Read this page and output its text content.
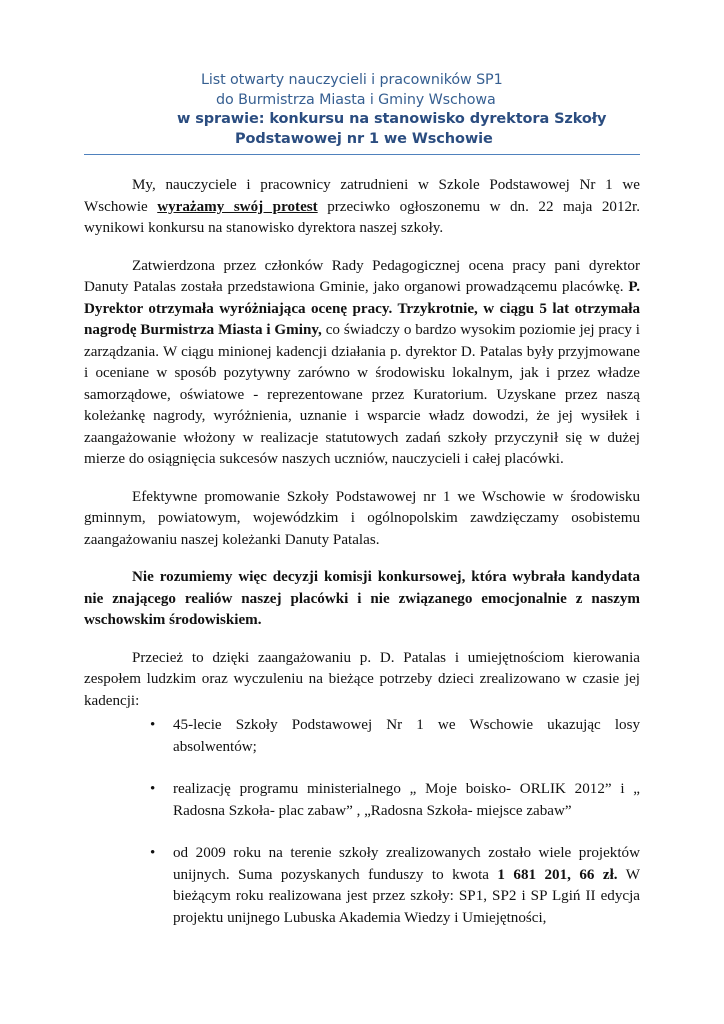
List otwarty nauczycieli i pracowników SP1
do Burmistrza Miasta i Gminy Wschowa
w sprawie: konkursu na stanowisko dyrektora Szkoły
Podstawowej nr 1 we Wschowie

My, nauczyciele i pracownicy zatrudnieni w Szkole Podstawowej Nr 1 we Wschowie wyrażamy swój protest przeciwko ogłoszonemu w dn. 22 maja 2012r. wynikowi konkursu na stanowisko dyrektora naszej szkoły.

Zatwierdzona przez członków Rady Pedagogicznej ocena pracy pani dyrektor Danuty Patalas została przedstawiona Gminie, jako organowi prowadzącemu placówkę. P. Dyrektor otrzymała wyróżniająca ocenę pracy. Trzykrotnie, w ciągu 5 lat otrzymała nagrodę Burmistrza Miasta i Gminy, co świadczy o bardzo wysokim poziomie jej pracy i zarządzania. W ciągu minionej kadencji działania p. dyrektor D. Patalas były przyjmowane i oceniane w sposób pozytywny zarówno w środowisku lokalnym, jak i przez władze samorządowe, oświatowe - reprezentowane przez Kuratorium. Uzyskane przez naszą koleżankę nagrody, wyróżnienia, uznanie i wsparcie władz dowodzi, że jej wysiłek i zaangażowanie włożony w realizacje statutowych zadań szkoły przyczynił się w dużej mierze do osiągnięcia sukcesów naszych uczniów, nauczycieli i całej placówki.

Efektywne promowanie Szkoły Podstawowej nr 1 we Wschowie w środowisku gminnym, powiatowym, wojewódzkim i ogólnopolskim zawdzięczamy osobistemu zaangażowaniu naszej koleżanki Danuty Patalas.

Nie rozumiemy więc decyzji komisji konkursowej, która wybrała kandydata nie znającego realiów naszej placówki i nie związanego emocjonalnie z naszym wschowskim środowiskiem.

Przecież to dzięki zaangażowaniu p. D. Patalas i umiejętnościom kierowania zespołem ludzkim oraz wyczuleniu na bieżące potrzeby dzieci zrealizowano w czasie jej kadencji:

• 45-lecie Szkoły Podstawowej Nr 1 we Wschowie ukazując losy absolwentów;
• realizację programu ministerialnego „ Moje boisko- ORLIK 2012” i „ Radosna Szkoła- plac zabaw” , „Radosna Szkoła- miejsce zabaw”
• od 2009 roku na terenie szkoły zrealizowanych zostało wiele projektów unijnych. Suma pozyskanych funduszy to kwota 1 681 201, 66 zł. W bieżącym roku realizowana jest przez szkoły: SP1, SP2 i SP Lgiń II edycja projektu unijnego Lubuska Akademia Wiedzy i Umiejętności,
